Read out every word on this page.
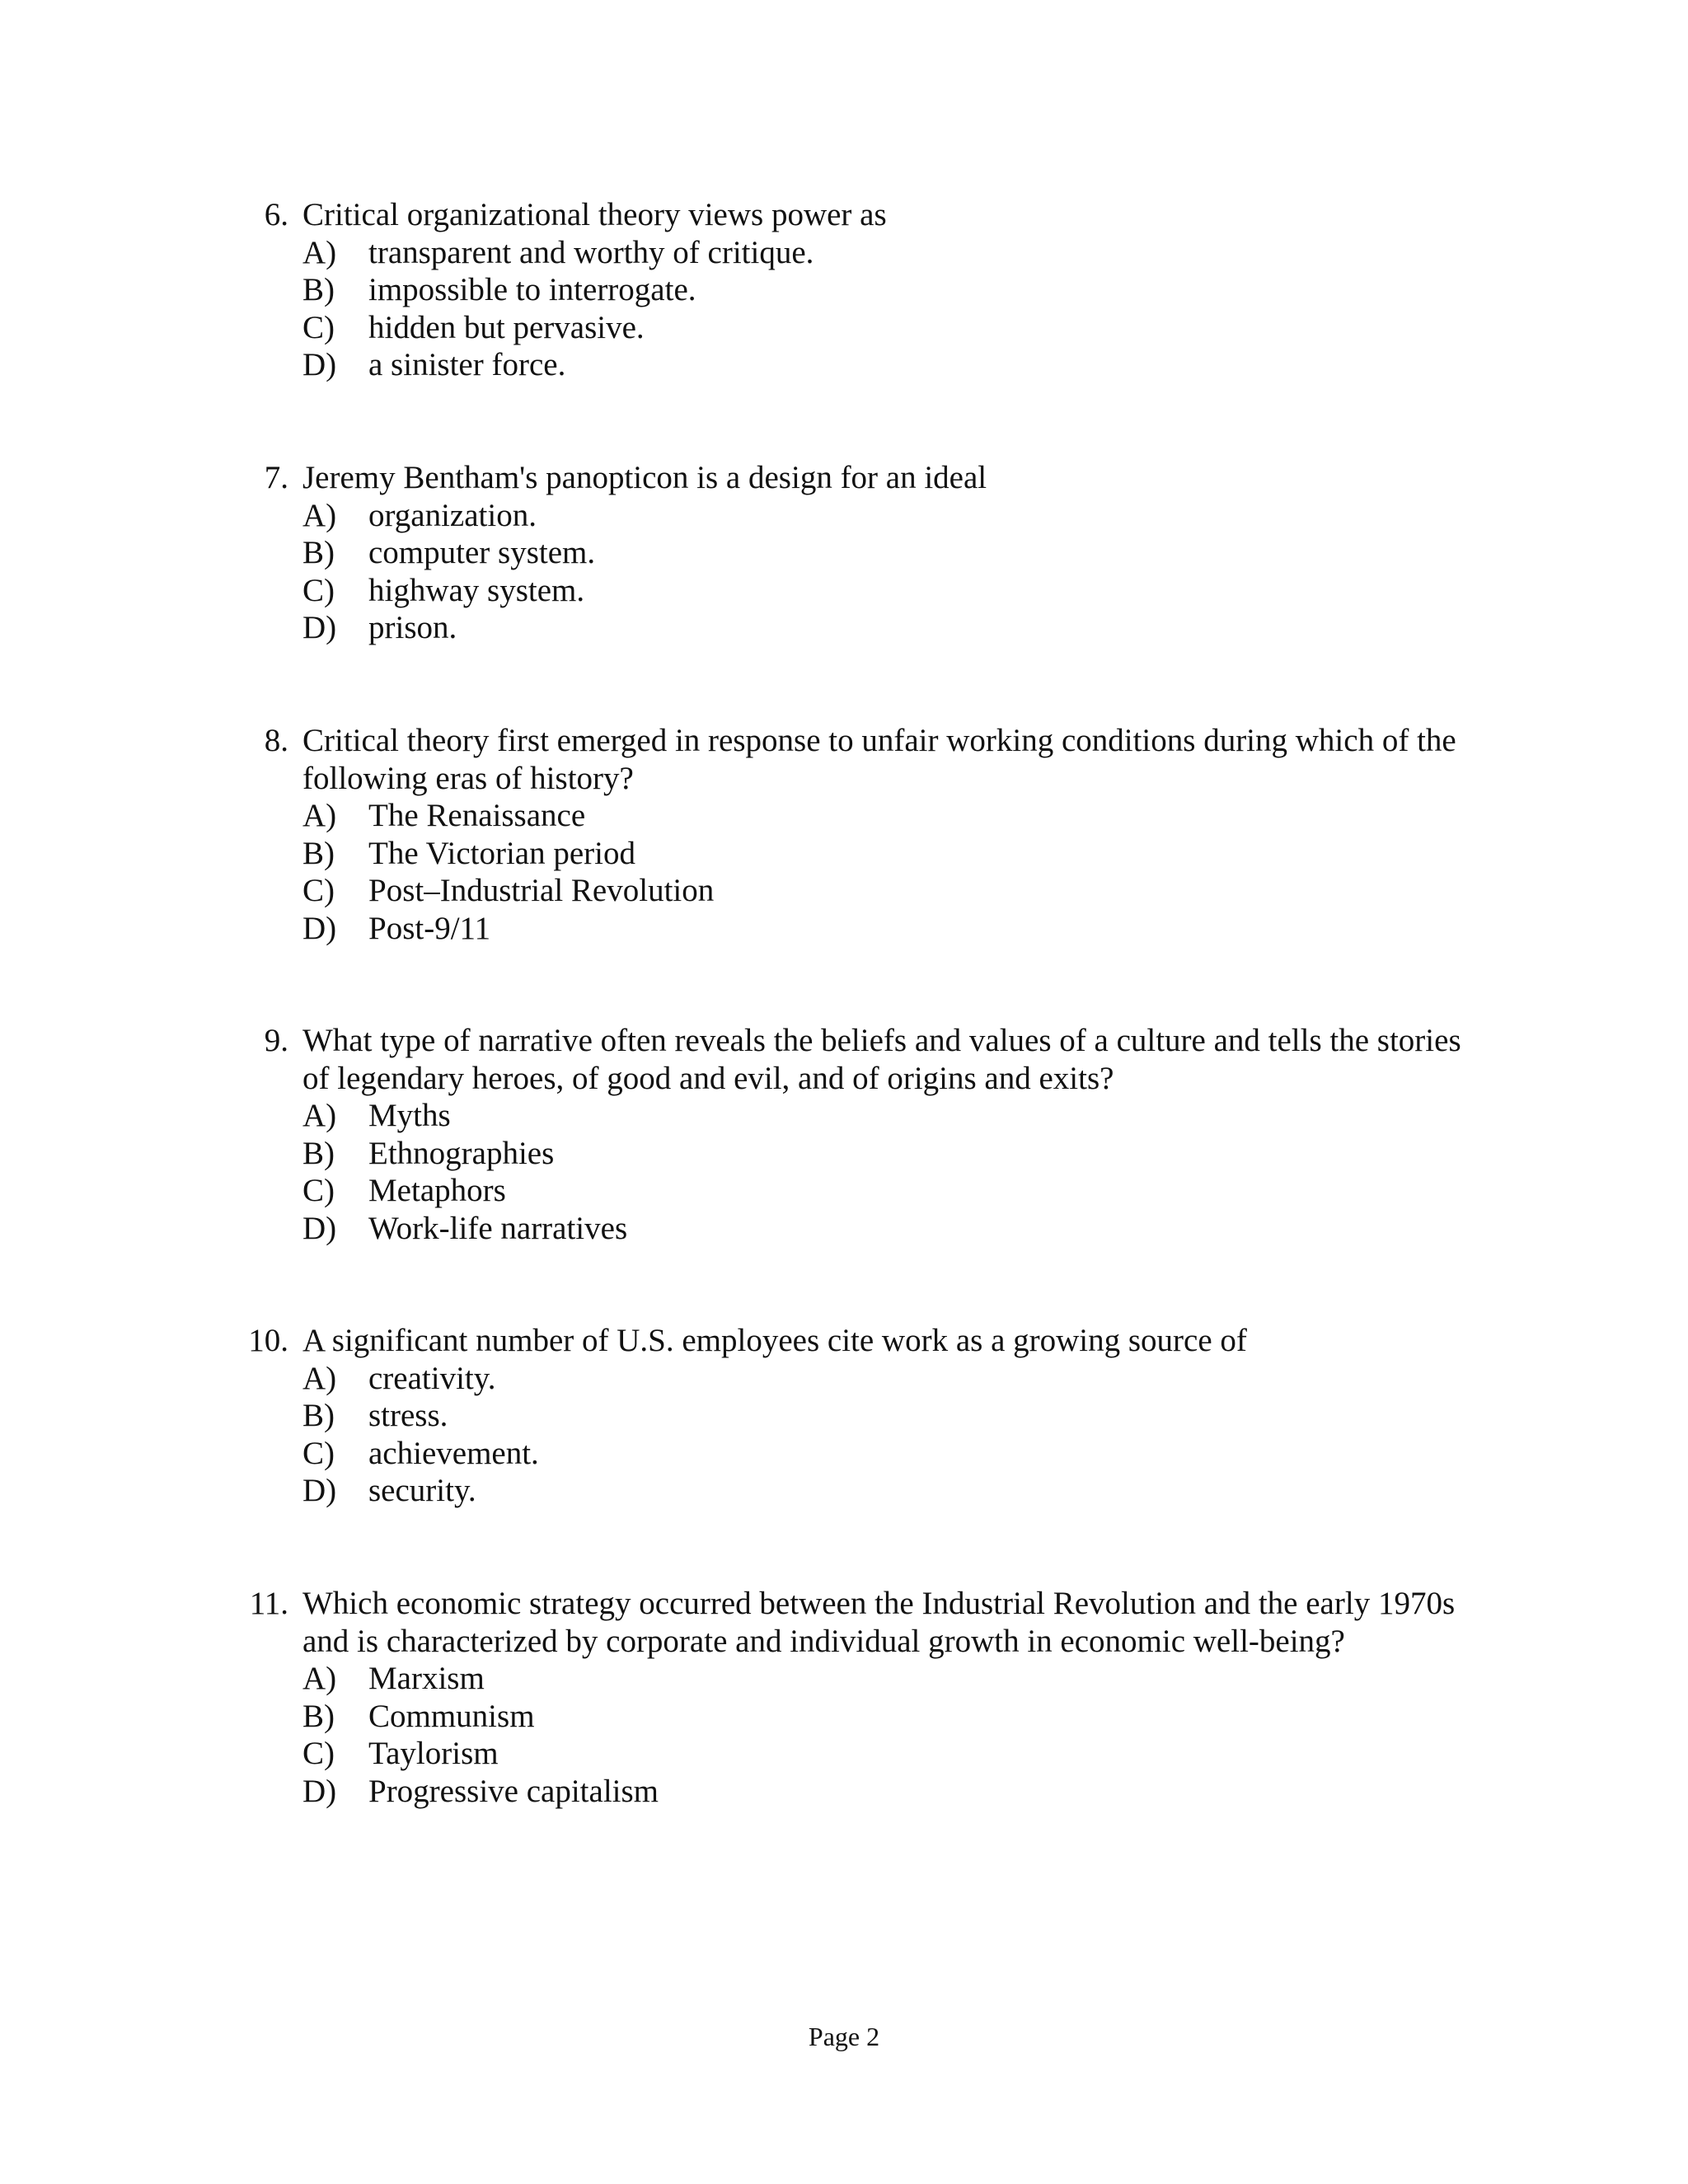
6. Critical organizational theory views power as
A) transparent and worthy of critique.
B) impossible to interrogate.
C) hidden but pervasive.
D) a sinister force.
7. Jeremy Bentham's panopticon is a design for an ideal
A) organization.
B) computer system.
C) highway system.
D) prison.
8. Critical theory first emerged in response to unfair working conditions during which of the following eras of history?
A) The Renaissance
B) The Victorian period
C) Post–Industrial Revolution
D) Post-9/11
9. What type of narrative often reveals the beliefs and values of a culture and tells the stories of legendary heroes, of good and evil, and of origins and exits?
A) Myths
B) Ethnographies
C) Metaphors
D) Work-life narratives
10. A significant number of U.S. employees cite work as a growing source of
A) creativity.
B) stress.
C) achievement.
D) security.
11. Which economic strategy occurred between the Industrial Revolution and the early 1970s and is characterized by corporate and individual growth in economic well-being?
A) Marxism
B) Communism
C) Taylorism
D) Progressive capitalism
Page 2
